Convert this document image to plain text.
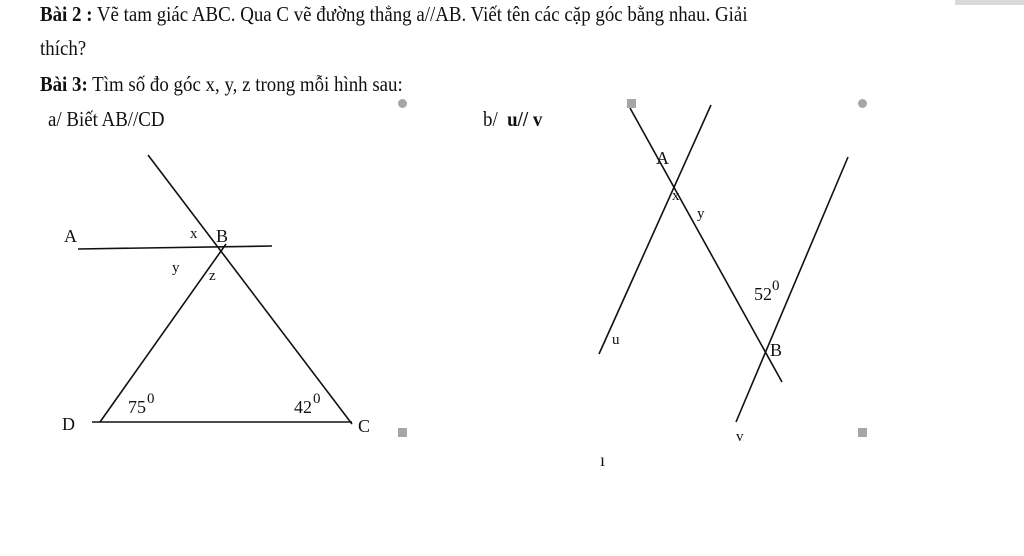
Bài 2 : Vẽ tam giác ABC. Qua C vẽ đường thẳng a//AB. Viết tên các cặp góc bằng nhau. Giải
thích?
Bài 3: Tìm số đo góc x, y, z trong mỗi hình sau:
a/ Biết AB//CD	b/ u// v
A	B
C
D
x
y z
75 0	42 0
A
B
x
y
u
v
52 0
ı
